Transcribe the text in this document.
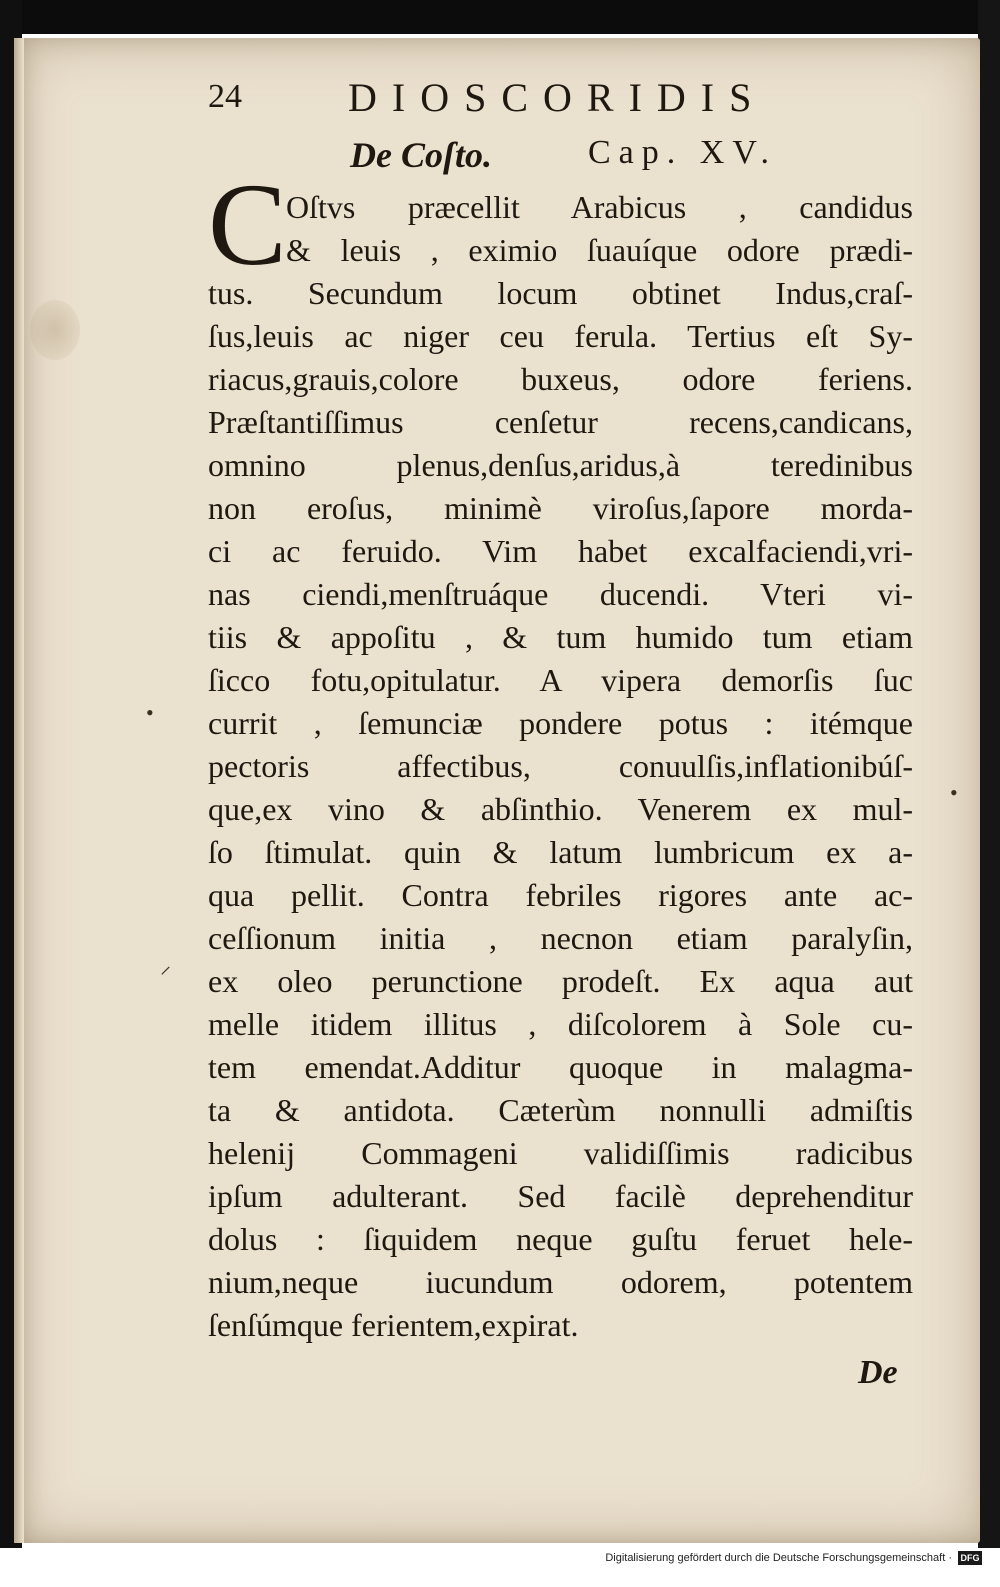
24	DIOSCORIDIS
De Coſto.	Cap. XV.
C Oſtvs præcellit Arabicus , candidus
& leuis , eximio ſuauíque odore prædi-
tus. Secundum locum obtinet Indus,craſ-
ſus,leuis ac niger ceu ferula. Tertius eſt Sy-
riacus,grauis,colore buxeus, odore feriens.
Præſtantiſſimus cenſetur recens,candicans,
omnino plenus,denſus,aridus,à teredinibus
non eroſus, minimè viroſus,ſapore morda-
ci ac feruido. Vim habet excalfaciendi,vri-
nas ciendi,menſtruáque ducendi. Vteri vi-
tiis & appoſitu , & tum humido tum etiam
ſicco fotu,opitulatur. A vipera demorſis ſuc
currit , ſemunciæ pondere potus : itémque
pectoris affectibus, conuulſis,inflationibúſ-
que,ex vino & abſinthio. Venerem ex mul-
ſo ſtimulat. quin & latum lumbricum ex a-
qua pellit. Contra febriles rigores ante ac-
ceſſionum initia , necnon etiam paralyſin,
ex oleo perunctione prodeſt. Ex aqua aut
melle itidem illitus , diſcolorem à Sole cu-
tem emendat.Additur quoque in malagma-
ta & antidota. Cæterùm nonnulli admiſtis
helenij Commageni validiſſimis radicibus
ipſum adulterant. Sed facilè deprehenditur
dolus : ſiquidem neque guſtu feruet hele-
nium,neque iucundum odorem, potentem
ſenſúmque ferientem,expirat.
De
•
⸝
•
Digitalisierung gefördert durch die Deutsche Forschungsgemeinschaft · DFG
